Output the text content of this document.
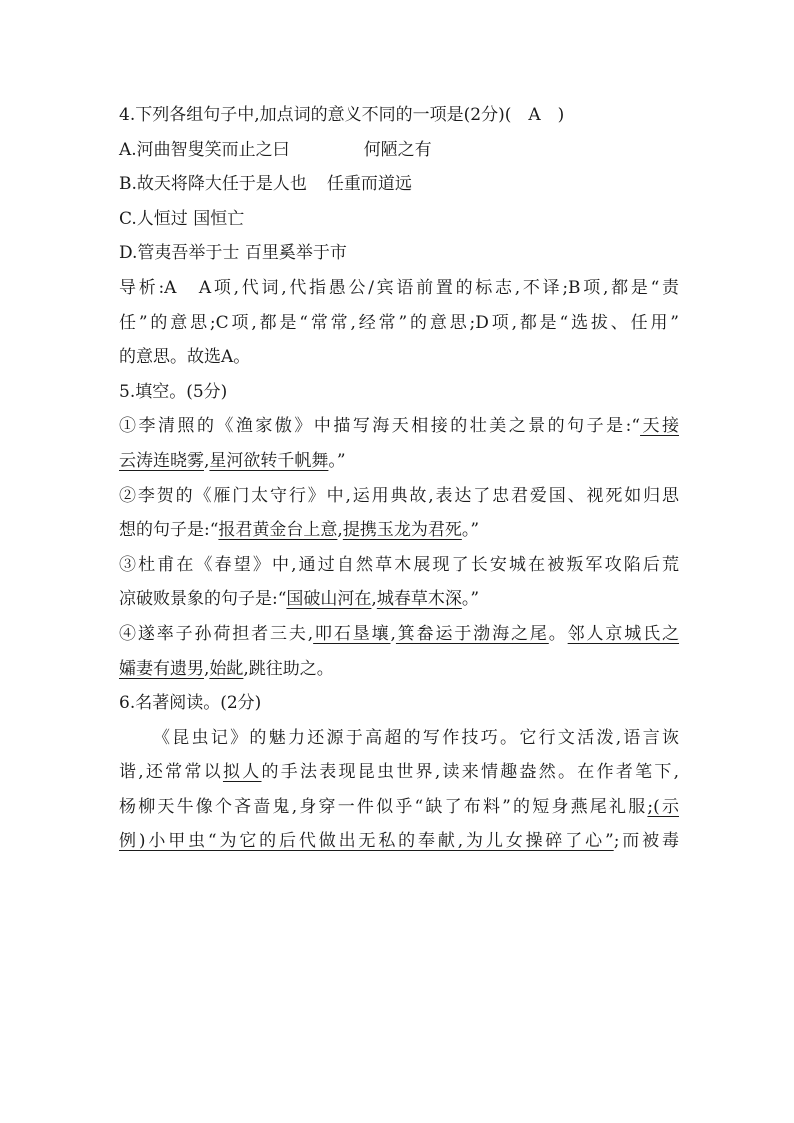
4.下列各组句子中,加点词的意义不同的一项是(2分)(　A　)
A.河曲智叟笑而止之曰	何陋之有
B.故天将降大任于是人也 任重而道远
C.人恒过 国恒亡
D.管夷吾举于士 百里奚举于市
导析:A　A项,代词,代指愚公/宾语前置的标志,不译;B项,都是“责
任”的意思;C项,都是“常常,经常”的意思;D项,都是“选拔、任用”
的意思。故选A。
5.填空。(5分)
①李清照的《渔家傲》中描写海天相接的壮美之景的句子是:“天接
云涛连晓雾,星河欲转千帆舞。”
②李贺的《雁门太守行》中,运用典故,表达了忠君爱国、视死如归思
想的句子是:“报君黄金台上意,提携玉龙为君死。”
③杜甫在《春望》中,通过自然草木展现了长安城在被叛军攻陷后荒
凉破败景象的句子是:“国破山河在,城春草木深。”
④遂率子孙荷担者三夫,叩石垦壤,箕畚运于渤海之尾。邻人京城氏之
孀妻有遗男,始龀,跳往助之。
6.名著阅读。(2分)
《昆虫记》的魅力还源于高超的写作技巧。它行文活泼,语言诙
谐,还常常以拟人的手法表现昆虫世界,读来情趣盎然。在作者笔下,
杨柳天牛像个吝啬鬼,身穿一件似乎“缺了布料”的短身燕尾礼服;(示
例)小甲虫“为它的后代做出无私的奉献,为儿女操碎了心”;而被毒
